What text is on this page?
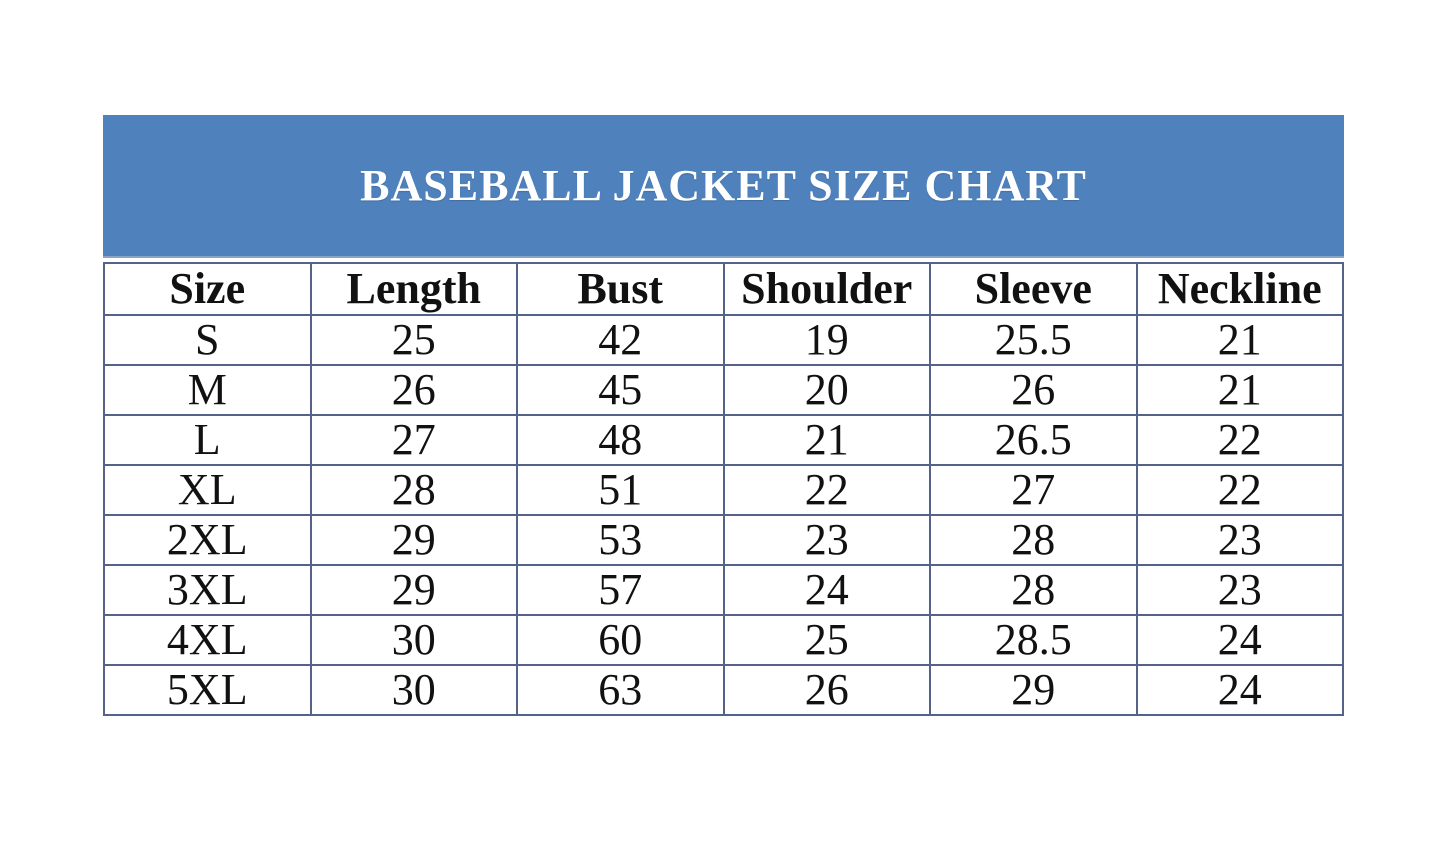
BASEBALL JACKET SIZE CHART
Size	Length	Bust	Shoulder	Sleeve	Neckline
S	25	42	19	25.5	21
M	26	45	20	26	21
L	27	48	21	26.5	22
XL	28	51	22	27	22
2XL	29	53	23	28	23
3XL	29	57	24	28	23
4XL	30	60	25	28.5	24
5XL	30	63	26	29	24
